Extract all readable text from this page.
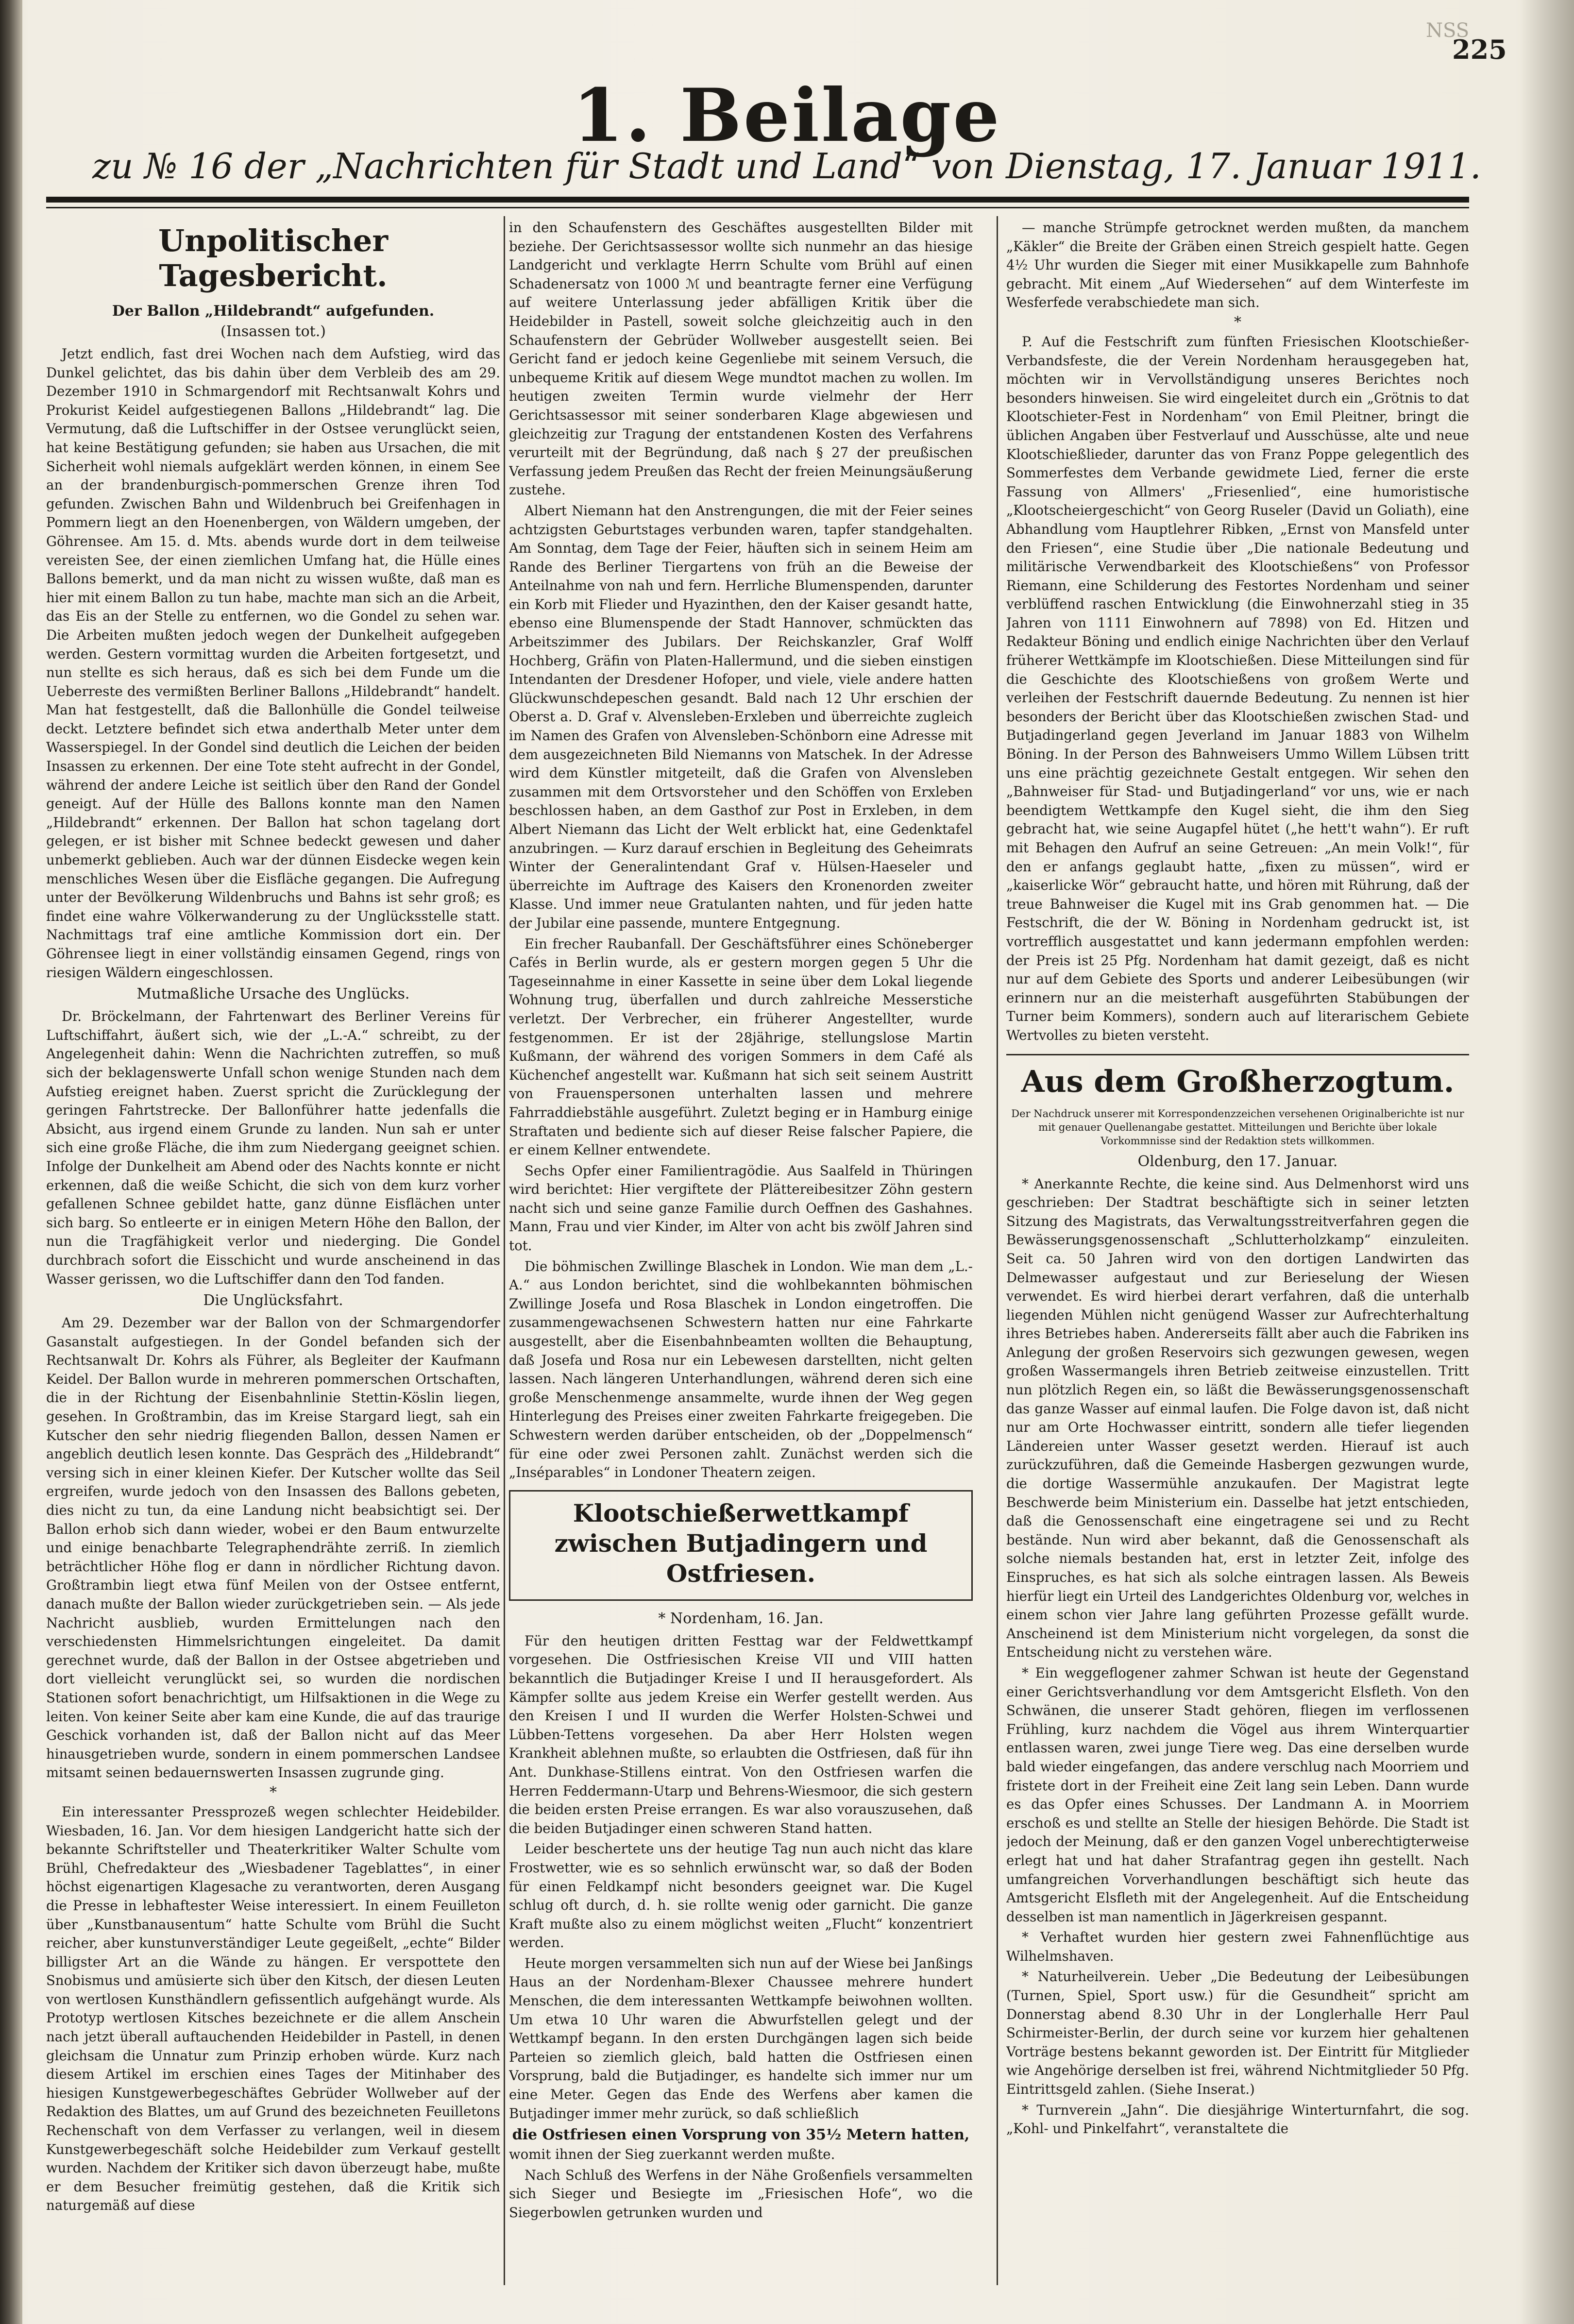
NSS
225
1. Beilage
zu № 16 der „Nachrichten für Stadt und Land“ von Dienstag, 17. Januar 1911.
Unpolitischer Tagesbericht.

Der Ballon „Hildebrandt“ aufgefunden.

(Insassen tot.)

Jetzt endlich, fast drei Wochen nach dem Aufstieg, wird das Dunkel gelichtet, das bis dahin über dem Verbleib des am 29. Dezember 1910 in Schmargendorf mit Rechtsanwalt Kohrs und Prokurist Keidel aufgestiegenen Ballons „Hildebrandt“ lag. Die Vermutung, daß die Luftschiffer in der Ostsee verunglückt seien, hat keine Bestätigung gefunden; sie haben aus Ursachen, die mit Sicherheit wohl niemals aufgeklärt werden können, in einem See an der brandenburgisch-pommerschen Grenze ihren Tod gefunden. Zwischen Bahn und Wildenbruch bei Greifenhagen in Pommern liegt an den Hoenenbergen, von Wäldern umgeben, der Göhrensee. Am 15. d. Mts. abends wurde dort in dem teilweise vereisten See, der einen ziemlichen Umfang hat, die Hülle eines Ballons bemerkt, und da man nicht zu wissen wußte, daß man es hier mit einem Ballon zu tun habe, machte man sich an die Arbeit, das Eis an der Stelle zu entfernen, wo die Gondel zu sehen war. Die Arbeiten mußten jedoch wegen der Dunkelheit aufgegeben werden. Gestern vormittag wurden die Arbeiten fortgesetzt, und nun stellte es sich heraus, daß es sich bei dem Funde um die Ueberreste des vermißten Berliner Ballons „Hildebrandt“ handelt. Man hat festgestellt, daß die Ballonhülle die Gondel teilweise deckt. Letztere befindet sich etwa anderthalb Meter unter dem Wasserspiegel. In der Gondel sind deutlich die Leichen der beiden Insassen zu erkennen. Der eine Tote steht aufrecht in der Gondel, während der andere Leiche ist seitlich über den Rand der Gondel geneigt. Auf der Hülle des Ballons konnte man den Namen „Hildebrandt“ erkennen. Der Ballon hat schon tagelang dort gelegen, er ist bisher mit Schnee bedeckt gewesen und daher unbemerkt geblieben. Auch war der dünnen Eisdecke wegen kein menschliches Wesen über die Eisfläche gegangen. Die Aufregung unter der Bevölkerung Wildenbruchs und Bahns ist sehr groß; es findet eine wahre Völkerwanderung zu der Unglücksstelle statt. Nachmittags traf eine amtliche Kommission dort ein. Der Göhrensee liegt in einer vollständig einsamen Gegend, rings von riesigen Wäldern eingeschlossen.

Mutmaßliche Ursache des Unglücks.

Dr. Bröckelmann, der Fahrtenwart des Berliner Vereins für Luftschiffahrt, äußert sich, wie der „L.-A.“ schreibt, zu der Angelegenheit dahin: Wenn die Nachrichten zutreffen, so muß sich der beklagenswerte Unfall schon wenige Stunden nach dem Aufstieg ereignet haben. Zuerst spricht die Zurücklegung der geringen Fahrtstrecke. Der Ballonführer hatte jedenfalls die Absicht, aus irgend einem Grunde zu landen. Nun sah er unter sich eine große Fläche, die ihm zum Niedergang geeignet schien. Infolge der Dunkelheit am Abend oder des Nachts konnte er nicht erkennen, daß die weiße Schicht, die sich von dem kurz vorher gefallenen Schnee gebildet hatte, ganz dünne Eisflächen unter sich barg. So entleerte er in einigen Metern Höhe den Ballon, der nun die Tragfähigkeit verlor und niederging. Die Gondel durchbrach sofort die Eisschicht und wurde anscheinend in das Wasser gerissen, wo die Luftschiffer dann den Tod fanden.

Die Unglücksfahrt.

Am 29. Dezember war der Ballon von der Schmargendorfer Gasanstalt aufgestiegen. In der Gondel befanden sich der Rechtsanwalt Dr. Kohrs als Führer, als Begleiter der Kaufmann Keidel. Der Ballon wurde in mehreren pommerschen Ortschaften, die in der Richtung der Eisenbahnlinie Stettin-Köslin liegen, gesehen. In Großtrambin, das im Kreise Stargard liegt, sah ein Kutscher den sehr niedrig fliegenden Ballon, dessen Namen er angeblich deutlich lesen konnte. Das Gespräch des „Hildebrandt“ versing sich in einer kleinen Kiefer. Der Kutscher wollte das Seil ergreifen, wurde jedoch von den Insassen des Ballons gebeten, dies nicht zu tun, da eine Landung nicht beabsichtigt sei. Der Ballon erhob sich dann wieder, wobei er den Baum entwurzelte und einige benachbarte Telegraphendrähte zerriß. In ziemlich beträchtlicher Höhe flog er dann in nördlicher Richtung davon. Großtrambin liegt etwa fünf Meilen von der Ostsee entfernt, danach mußte der Ballon wieder zurückgetrieben sein. — Als jede Nachricht ausblieb, wurden Ermittelungen nach den verschiedensten Himmelsrichtungen eingeleitet. Da damit gerechnet wurde, daß der Ballon in der Ostsee abgetrieben und dort vielleicht verunglückt sei, so wurden die nordischen Stationen sofort benachrichtigt, um Hilfsaktionen in die Wege zu leiten. Von keiner Seite aber kam eine Kunde, die auf das traurige Geschick vorhanden ist, daß der Ballon nicht auf das Meer hinausgetrieben wurde, sondern in einem pommerschen Landsee mitsamt seinen bedauernswerten Insassen zugrunde ging.

*

Ein interessanter Pressprozeß wegen schlechter Heidebilder. Wiesbaden, 16. Jan. Vor dem hiesigen Landgericht hatte sich der bekannte Schriftsteller und Theaterkritiker Walter Schulte vom Brühl, Chefredakteur des „Wiesbadener Tageblattes“, in einer höchst eigenartigen Klagesache zu verantworten, deren Ausgang die Presse in lebhaftester Weise interessiert. In einem Feuilleton über „Kunstbanausentum“ hatte Schulte vom Brühl die Sucht reicher, aber kunstunverständiger Leute gegeißelt, „echte“ Bilder billigster Art an die Wände zu hängen. Er verspottete den Snobismus und amüsierte sich über den Kitsch, der diesen Leuten von wertlosen Kunsthändlern gefissentlich aufgehängt wurde. Als Prototyp wertlosen Kitsches bezeichnete er die allem Anschein nach jetzt überall auftauchenden Heidebilder in Pastell, in denen gleichsam die Unnatur zum Prinzip erhoben würde. Kurz nach diesem Artikel im erschien eines Tages der Mitinhaber des hiesigen Kunstgewerbegeschäftes Gebrüder Wollweber auf der Redaktion des Blattes, um auf Grund des bezeichneten Feuilletons Rechenschaft von dem Verfasser zu verlangen, weil in diesem Kunstgewerbegeschäft solche Heidebilder zum Verkauf gestellt wurden. Nachdem der Kritiker sich davon überzeugt habe, mußte er dem Besucher freimütig gestehen, daß die Kritik sich naturgemäß auf diese

in den Schaufenstern des Geschäftes ausgestellten Bilder mit beziehe. Der Gerichtsassessor wollte sich nunmehr an das hiesige Landgericht und verklagte Herrn Schulte vom Brühl auf einen Schadenersatz von 1000 ℳ und beantragte ferner eine Verfügung auf weitere Unterlassung jeder abfälligen Kritik über die Heidebilder in Pastell, soweit solche gleichzeitig auch in den Schaufenstern der Gebrüder Wollweber ausgestellt seien. Bei Gericht fand er jedoch keine Gegenliebe mit seinem Versuch, die unbequeme Kritik auf diesem Wege mundtot machen zu wollen. Im heutigen zweiten Termin wurde vielmehr der Herr Gerichtsassessor mit seiner sonderbaren Klage abgewiesen und gleichzeitig zur Tragung der entstandenen Kosten des Verfahrens verurteilt mit der Begründung, daß nach § 27 der preußischen Verfassung jedem Preußen das Recht der freien Meinungsäußerung zustehe.

Albert Niemann hat den Anstrengungen, die mit der Feier seines achtzigsten Geburtstages verbunden waren, tapfer standgehalten. Am Sonntag, dem Tage der Feier, häuften sich in seinem Heim am Rande des Berliner Tiergartens von früh an die Beweise der Anteilnahme von nah und fern. Herrliche Blumenspenden, darunter ein Korb mit Flieder und Hyazinthen, den der Kaiser gesandt hatte, ebenso eine Blumenspende der Stadt Hannover, schmückten das Arbeitszimmer des Jubilars. Der Reichskanzler, Graf Wolff Hochberg, Gräfin von Platen-Hallermund, und die sieben einstigen Intendanten der Dresdener Hofoper, und viele, viele andere hatten Glückwunschdepeschen gesandt. Bald nach 12 Uhr erschien der Oberst a. D. Graf v. Alvensleben-Erxleben und überreichte zugleich im Namen des Grafen von Alvensleben-Schönborn eine Adresse mit dem ausgezeichneten Bild Niemanns von Matschek. In der Adresse wird dem Künstler mitgeteilt, daß die Grafen von Alvensleben zusammen mit dem Ortsvorsteher und den Schöffen von Erxleben beschlossen haben, an dem Gasthof zur Post in Erxleben, in dem Albert Niemann das Licht der Welt erblickt hat, eine Gedenktafel anzubringen. — Kurz darauf erschien in Begleitung des Geheimrats Winter der Generalintendant Graf v. Hülsen-Haeseler und überreichte im Auftrage des Kaisers den Kronenorden zweiter Klasse. Und immer neue Gratulanten nahten, und für jeden hatte der Jubilar eine passende, muntere Entgegnung.

Ein frecher Raubanfall. Der Geschäftsführer eines Schöneberger Cafés in Berlin wurde, als er gestern morgen gegen 5 Uhr die Tageseinnahme in einer Kassette in seine über dem Lokal liegende Wohnung trug, überfallen und durch zahlreiche Messerstiche verletzt. Der Verbrecher, ein früherer Angestellter, wurde festgenommen. Er ist der 28jährige, stellungslose Martin Kußmann, der während des vorigen Sommers in dem Café als Küchenchef angestellt war. Kußmann hat sich seit seinem Austritt von Frauenspersonen unterhalten lassen und mehrere Fahrraddiebstähle ausgeführt. Zuletzt beging er in Hamburg einige Straftaten und bediente sich auf dieser Reise falscher Papiere, die er einem Kellner entwendete.

Sechs Opfer einer Familientragödie. Aus Saalfeld in Thüringen wird berichtet: Hier vergiftete der Plättereibesitzer Zöhn gestern nacht sich und seine ganze Familie durch Oeffnen des Gashahnes. Mann, Frau und vier Kinder, im Alter von acht bis zwölf Jahren sind tot.

Die böhmischen Zwillinge Blaschek in London. Wie man dem „L.-A.“ aus London berichtet, sind die wohlbekannten böhmischen Zwillinge Josefa und Rosa Blaschek in London eingetroffen. Die zusammengewachsenen Schwestern hatten nur eine Fahrkarte ausgestellt, aber die Eisenbahnbeamten wollten die Behauptung, daß Josefa und Rosa nur ein Lebewesen darstellten, nicht gelten lassen. Nach längeren Unterhandlungen, während deren sich eine große Menschenmenge ansammelte, wurde ihnen der Weg gegen Hinterlegung des Preises einer zweiten Fahrkarte freigegeben. Die Schwestern werden darüber entscheiden, ob der „Doppelmensch“ für eine oder zwei Personen zahlt. Zunächst werden sich die „Inséparables“ in Londoner Theatern zeigen.

Klootschießerwettkampf zwischen Butjadingern und Ostfriesen.

* Nordenham, 16. Jan.

Für den heutigen dritten Festtag war der Feldwettkampf vorgesehen. Die Ostfriesischen Kreise VII und VIII hatten bekanntlich die Butjadinger Kreise I und II herausgefordert. Als Kämpfer sollte aus jedem Kreise ein Werfer gestellt werden. Aus den Kreisen I und II wurden die Werfer Holsten-Schwei und Lübben-Tettens vorgesehen. Da aber Herr Holsten wegen Krankheit ablehnen mußte, so erlaubten die Ostfriesen, daß für ihn Ant. Dunkhase-Stillens eintrat. Von den Ostfriesen warfen die Herren Feddermann-Utarp und Behrens-Wiesmoor, die sich gestern die beiden ersten Preise errangen. Es war also vorauszusehen, daß die beiden Butjadinger einen schweren Stand hatten.

Leider beschertete uns der heutige Tag nun auch nicht das klare Frostwetter, wie es so sehnlich erwünscht war, so daß der Boden für einen Feldkampf nicht besonders geeignet war. Die Kugel schlug oft durch, d. h. sie rollte wenig oder garnicht. Die ganze Kraft mußte also zu einem möglichst weiten „Flucht“ konzentriert werden.

Heute morgen versammelten sich nun auf der Wiese bei Janßings Haus an der Nordenham-Blexer Chaussee mehrere hundert Menschen, die dem interessanten Wettkampfe beiwohnen wollten. Um etwa 10 Uhr waren die Abwurfstellen gelegt und der Wettkampf begann. In den ersten Durchgängen lagen sich beide Parteien so ziemlich gleich, bald hatten die Ostfriesen einen Vorsprung, bald die Butjadinger, es handelte sich immer nur um eine Meter. Gegen das Ende des Werfens aber kamen die Butjadinger immer mehr zurück, so daß schließlich

die Ostfriesen einen Vorsprung von 35½ Metern hatten,

womit ihnen der Sieg zuerkannt werden mußte.

Nach Schluß des Werfens in der Nähe Großenfiels versammelten sich Sieger und Besiegte im „Friesischen Hofe“, wo die Siegerbowlen getrunken wurden und

— manche Strümpfe getrocknet werden mußten, da manchem „Käkler“ die Breite der Gräben einen Streich gespielt hatte. Gegen 4½ Uhr wurden die Sieger mit einer Musikkapelle zum Bahnhofe gebracht. Mit einem „Auf Wiedersehen“ auf dem Winterfeste im Wesferfede verabschiedete man sich.

*

P. Auf die Festschrift zum fünften Friesischen Klootschießer-Verbandsfeste, die der Verein Nordenham herausgegeben hat, möchten wir in Vervollständigung unseres Berichtes noch besonders hinweisen. Sie wird eingeleitet durch ein „Grötnis to dat Klootschieter-Fest in Nordenham“ von Emil Pleitner, bringt die üblichen Angaben über Festverlauf und Ausschüsse, alte und neue Klootschießlieder, darunter das von Franz Poppe gelegentlich des Sommerfestes dem Verbande gewidmete Lied, ferner die erste Fassung von Allmers' „Friesenlied“, eine humoristische „Klootscheiergeschicht“ von Georg Ruseler (David un Goliath), eine Abhandlung vom Hauptlehrer Ribken, „Ernst von Mansfeld unter den Friesen“, eine Studie über „Die nationale Bedeutung und militärische Verwendbarkeit des Klootschießens“ von Professor Riemann, eine Schilderung des Festortes Nordenham und seiner verblüffend raschen Entwicklung (die Einwohnerzahl stieg in 35 Jahren von 1111 Einwohnern auf 7898) von Ed. Hitzen und Redakteur Böning und endlich einige Nachrichten über den Verlauf früherer Wettkämpfe im Klootschießen. Diese Mitteilungen sind für die Geschichte des Klootschießens von großem Werte und verleihen der Festschrift dauernde Bedeutung. Zu nennen ist hier besonders der Bericht über das Klootschießen zwischen Stad- und Butjadingerland gegen Jeverland im Januar 1883 von Wilhelm Böning. In der Person des Bahnweisers Ummo Willem Lübsen tritt uns eine prächtig gezeichnete Gestalt entgegen. Wir sehen den „Bahnweiser für Stad- und Butjadingerland“ vor uns, wie er nach beendigtem Wettkampfe den Kugel sieht, die ihm den Sieg gebracht hat, wie seine Augapfel hütet („he hett't wahn“). Er ruft mit Behagen den Aufruf an seine Getreuen: „An mein Volk!“, für den er anfangs geglaubt hatte, „fixen zu müssen“, wird er „kaiserlicke Wör“ gebraucht hatte, und hören mit Rührung, daß der treue Bahnweiser die Kugel mit ins Grab genommen hat. — Die Festschrift, die der W. Böning in Nordenham gedruckt ist, ist vortrefflich ausgestattet und kann jedermann empfohlen werden: der Preis ist 25 Pfg. Nordenham hat damit gezeigt, daß es nicht nur auf dem Gebiete des Sports und anderer Leibesübungen (wir erinnern nur an die meisterhaft ausgeführten Stabübungen der Turner beim Kommers), sondern auch auf literarischem Gebiete Wertvolles zu bieten versteht.

Aus dem Großherzogtum.

Der Nachdruck unserer mit Korrespondenzzeichen versehenen Originalberichte ist nur mit genauer Quellenangabe gestattet. Mitteilungen und Berichte über lokale Vorkommnisse sind der Redaktion stets willkommen.

Oldenburg, den 17. Januar.

* Anerkannte Rechte, die keine sind. Aus Delmenhorst wird uns geschrieben: Der Stadtrat beschäftigte sich in seiner letzten Sitzung des Magistrats, das Verwaltungsstreitverfahren gegen die Bewässerungsgenossenschaft „Schlutterholzkamp“ einzuleiten. Seit ca. 50 Jahren wird von den dortigen Landwirten das Delmewasser aufgestaut und zur Berieselung der Wiesen verwendet. Es wird hierbei derart verfahren, daß die unterhalb liegenden Mühlen nicht genügend Wasser zur Aufrechterhaltung ihres Betriebes haben. Andererseits fällt aber auch die Fabriken ins Anlegung der großen Reservoirs sich gezwungen gewesen, wegen großen Wassermangels ihren Betrieb zeitweise einzustellen. Tritt nun plötzlich Regen ein, so läßt die Bewässerungsgenossenschaft das ganze Wasser auf einmal laufen. Die Folge davon ist, daß nicht nur am Orte Hochwasser eintritt, sondern alle tiefer liegenden Ländereien unter Wasser gesetzt werden. Hierauf ist auch zurückzuführen, daß die Gemeinde Hasbergen gezwungen wurde, die dortige Wassermühle anzukaufen. Der Magistrat legte Beschwerde beim Ministerium ein. Dasselbe hat jetzt entschieden, daß die Genossenschaft eine eingetragene sei und zu Recht bestände. Nun wird aber bekannt, daß die Genossenschaft als solche niemals bestanden hat, erst in letzter Zeit, infolge des Einspruches, es hat sich als solche eintragen lassen. Als Beweis hierfür liegt ein Urteil des Landgerichtes Oldenburg vor, welches in einem schon vier Jahre lang geführten Prozesse gefällt wurde. Anscheinend ist dem Ministerium nicht vorgelegen, da sonst die Entscheidung nicht zu verstehen wäre.

* Ein weggeflogener zahmer Schwan ist heute der Gegenstand einer Gerichtsverhandlung vor dem Amtsgericht Elsfleth. Von den Schwänen, die unserer Stadt gehören, fliegen im verflossenen Frühling, kurz nachdem die Vögel aus ihrem Winterquartier entlassen waren, zwei junge Tiere weg. Das eine derselben wurde bald wieder eingefangen, das andere verschlug nach Moorriem und fristete dort in der Freiheit eine Zeit lang sein Leben. Dann wurde es das Opfer eines Schusses. Der Landmann A. in Moorriem erschoß es und stellte an Stelle der hiesigen Behörde. Die Stadt ist jedoch der Meinung, daß er den ganzen Vogel unberechtigterweise erlegt hat und hat daher Strafantrag gegen ihn gestellt. Nach umfangreichen Vorverhandlungen beschäftigt sich heute das Amtsgericht Elsfleth mit der Angelegenheit. Auf die Entscheidung desselben ist man namentlich in Jägerkreisen gespannt.

* Verhaftet wurden hier gestern zwei Fahnenflüchtige aus Wilhelmshaven.

* Naturheilverein. Ueber „Die Bedeutung der Leibesübungen (Turnen, Spiel, Sport usw.) für die Gesundheit“ spricht am Donnerstag abend 8.30 Uhr in der Longlerhalle Herr Paul Schirmeister-Berlin, der durch seine vor kurzem hier gehaltenen Vorträge bestens bekannt geworden ist. Der Eintritt für Mitglieder wie Angehörige derselben ist frei, während Nichtmitglieder 50 Pfg. Eintrittsgeld zahlen. (Siehe Inserat.)

* Turnverein „Jahn“. Die diesjährige Winterturnfahrt, die sog. „Kohl- und Pinkelfahrt“, veranstaltete die
